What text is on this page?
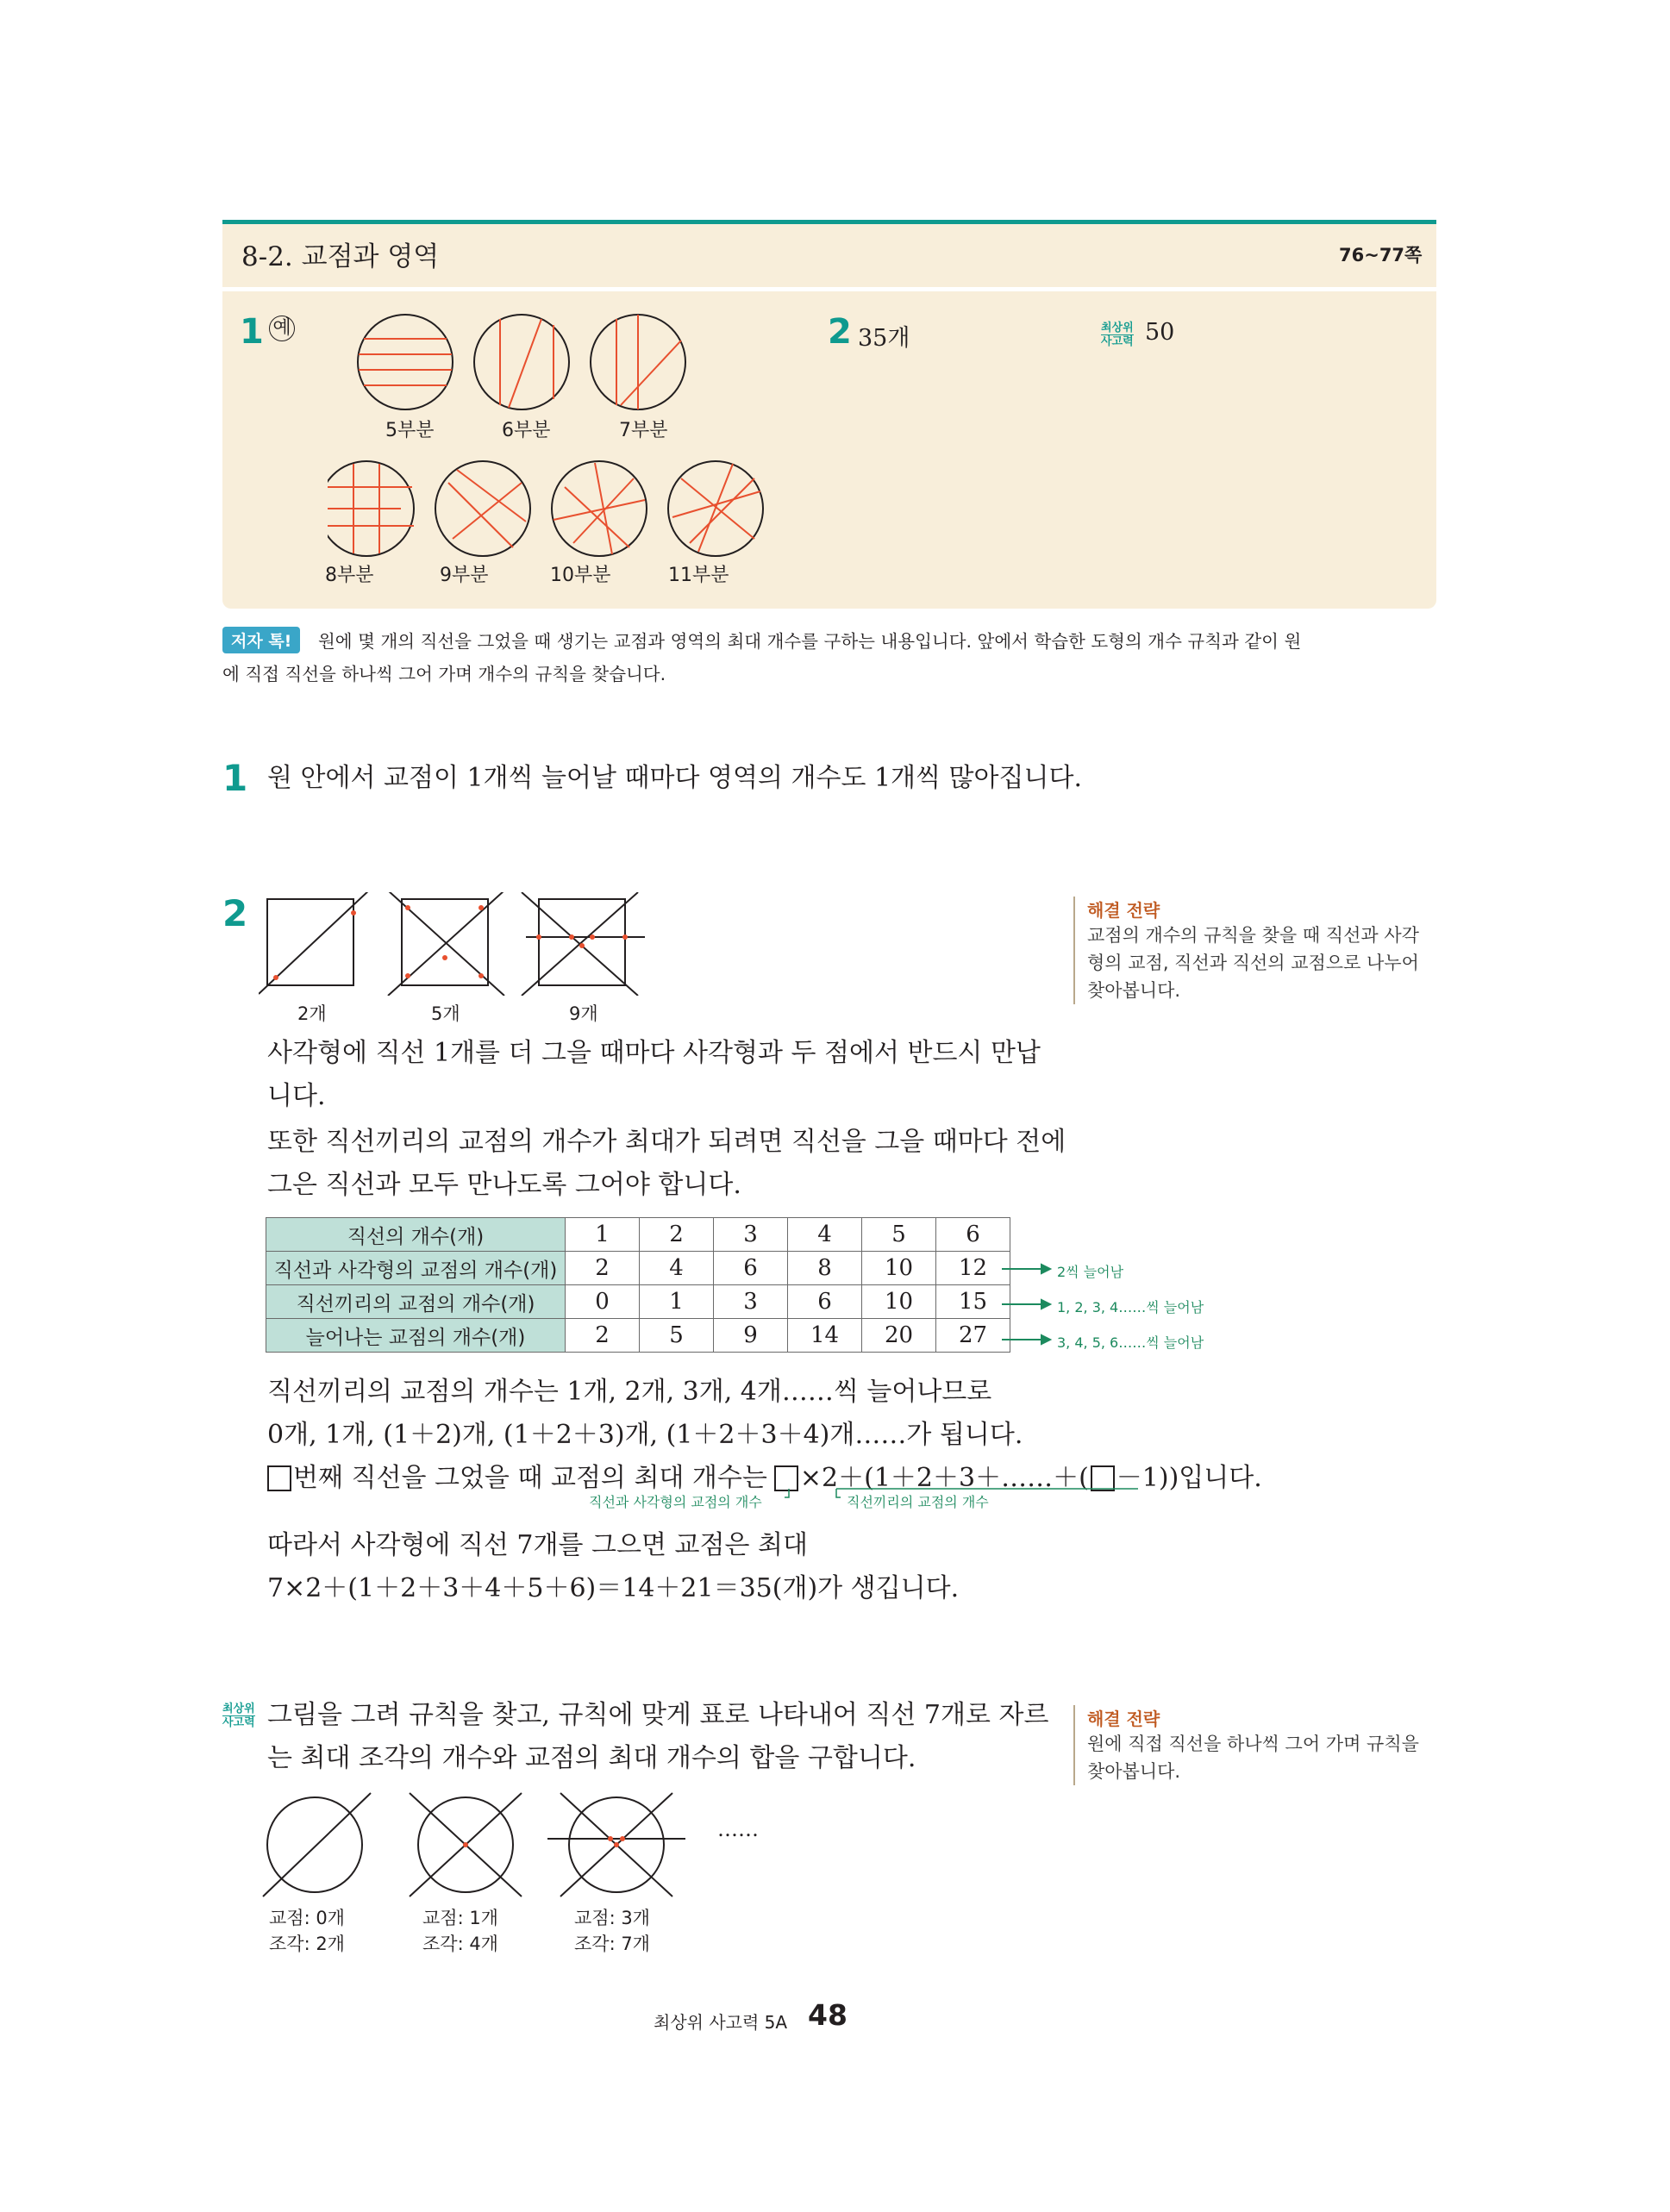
8-2. 교점과 영역	76~77쪽
1 예
5부분	6부분	7부분
8부분	9부분	10부분	11부분
2 35개	최상위
사고력 50
저자 톡!	원에 몇 개의 직선을 그었을 때 생기는 교점과 영역의 최대 개수를 구하는 내용입니다. 앞에서 학습한 도형의 개수 규칙과 같이 원
에 직접 직선을 하나씩 그어 가며 개수의 규칙을 찾습니다.
1 원 안에서 교점이 1개씩 늘어날 때마다 영역의 개수도 1개씩 많아집니다.
2
2개	5개	9개
사각형에 직선 1개를 더 그을 때마다 사각형과 두 점에서 반드시 만납
니다.
또한 직선끼리의 교점의 개수가 최대가 되려면 직선을 그을 때마다 전에
그은 직선과 모두 만나도록 그어야 합니다.
해결 전략
교점의 개수의 규칙을 찾을 때 직선과 사각
형의 교점, 직선과 직선의 교점으로 나누어
찾아봅니다.
직선의 개수(개)	1	2	3	4	5	6
직선과 사각형의 교점의 개수(개)	2	4	6	8	10	12
직선끼리의 교점의 개수(개)	0	1	3	6	10	15
늘어나는 교점의 개수(개)	2	5	9	14	20	27
2씩 늘어남
1, 2, 3, 4……씩 늘어남
3, 4, 5, 6……씩 늘어남
직선끼리의 교점의 개수는 1개, 2개, 3개, 4개……씩 늘어나므로
0개, 1개, (1＋2)개, (1＋2＋3)개, (1＋2＋3＋4)개……가 됩니다.
번째 직선을 그었을 때 교점의 최대 개수는 ×2＋(1＋2＋3＋……＋( －1))입니다.
직선과 사각형의 교점의 개수	직선끼리의 교점의 개수
따라서 사각형에 직선 7개를 그으면 교점은 최대
7×2＋(1＋2＋3＋4＋5＋6)＝14＋21＝35(개)가 생깁니다.
최상위
사고력 그림을 그려 규칙을 찾고, 규칙에 맞게 표로 나타내어 직선 7개로 자르
는 최대 조각의 개수와 교점의 최대 개수의 합을 구합니다.
해결 전략
원에 직접 직선을 하나씩 그어 가며 규칙을
찾아봅니다.
……
교점: 0개
조각: 2개
교점: 1개
조각: 4개
교점: 3개
조각: 7개
최상위 사고력 5A 48
